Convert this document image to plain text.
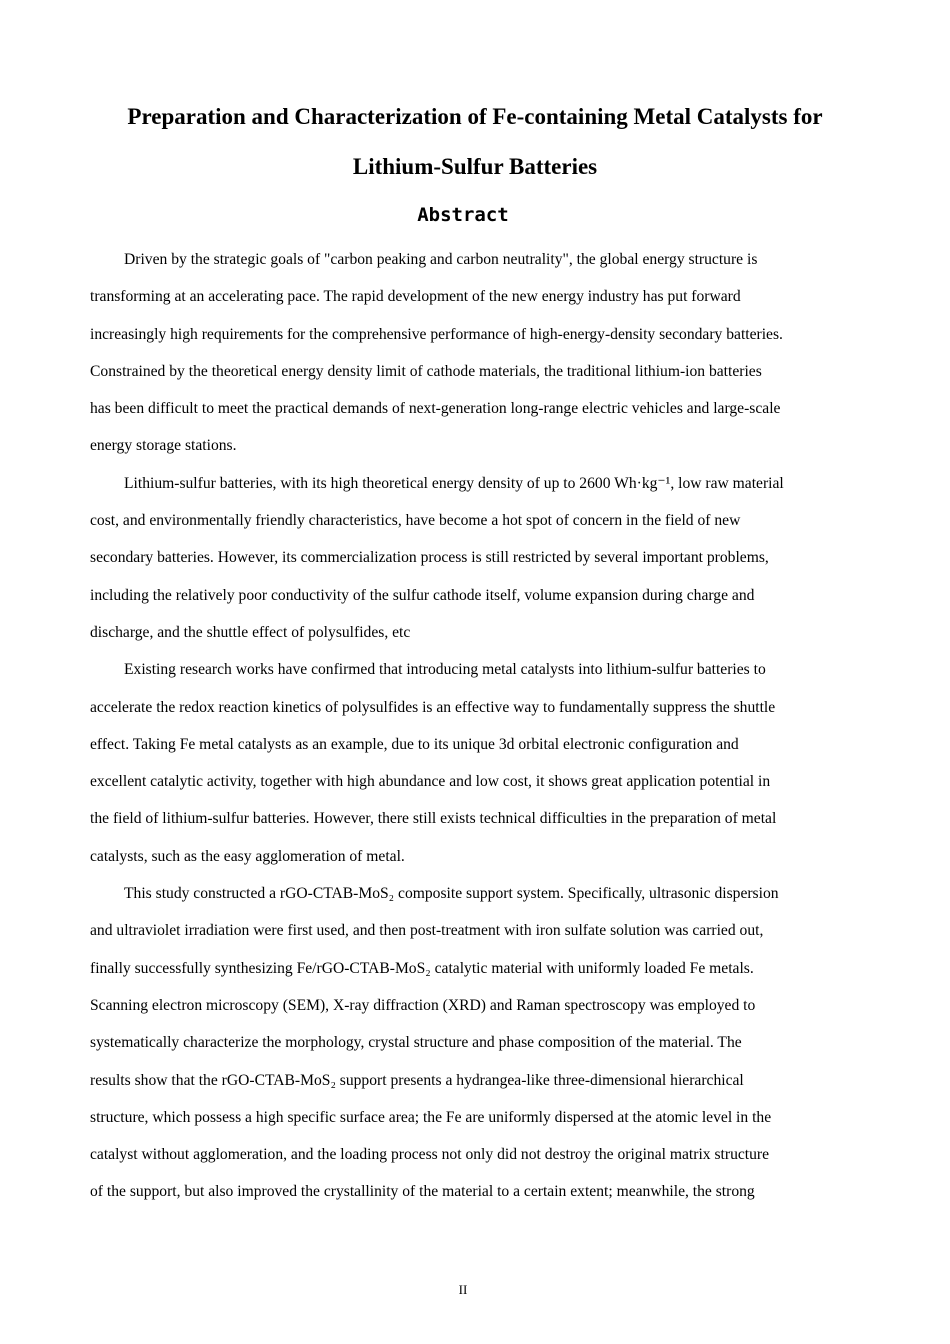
Preparation and Characterization of Fe-containing Metal Catalysts for
Lithium-Sulfur Batteries
Abstract

Driven by the strategic goals of "carbon peaking and carbon neutrality", the global energy structure is
transforming at an accelerating pace. The rapid development of the new energy industry has put forward
increasingly high requirements for the comprehensive performance of high-energy-density secondary batteries.
Constrained by the theoretical energy density limit of cathode materials, the traditional lithium-ion batteries
has been difficult to meet the practical demands of next-generation long-range electric vehicles and large-scale
energy storage stations.

Lithium-sulfur batteries, with its high theoretical energy density of up to 2600 Wh·kg⁻¹, low raw material
cost, and environmentally friendly characteristics, have become a hot spot of concern in the field of new
secondary batteries. However, its commercialization process is still restricted by several important problems,
including the relatively poor conductivity of the sulfur cathode itself, volume expansion during charge and
discharge, and the shuttle effect of polysulfides, etc

Existing research works have confirmed that introducing metal catalysts into lithium-sulfur batteries to
accelerate the redox reaction kinetics of polysulfides is an effective way to fundamentally suppress the shuttle
effect. Taking Fe metal catalysts as an example, due to its unique 3d orbital electronic configuration and
excellent catalytic activity, together with high abundance and low cost, it shows great application potential in
the field of lithium-sulfur batteries. However, there still exists technical difficulties in the preparation of metal
catalysts, such as the easy agglomeration of metal.

This study constructed a rGO-CTAB-MoS₂ composite support system. Specifically, ultrasonic dispersion
and ultraviolet irradiation were first used, and then post-treatment with iron sulfate solution was carried out,
finally successfully synthesizing Fe/rGO-CTAB-MoS₂ catalytic material with uniformly loaded Fe metals.
Scanning electron microscopy (SEM), X-ray diffraction (XRD) and Raman spectroscopy was employed to
systematically characterize the morphology, crystal structure and phase composition of the material. The
results show that the rGO-CTAB-MoS₂ support presents a hydrangea-like three-dimensional hierarchical
structure, which possess a high specific surface area; the Fe are uniformly dispersed at the atomic level in the
catalyst without agglomeration, and the loading process not only did not destroy the original matrix structure
of the support, but also improved the crystallinity of the material to a certain extent; meanwhile, the strong

II
